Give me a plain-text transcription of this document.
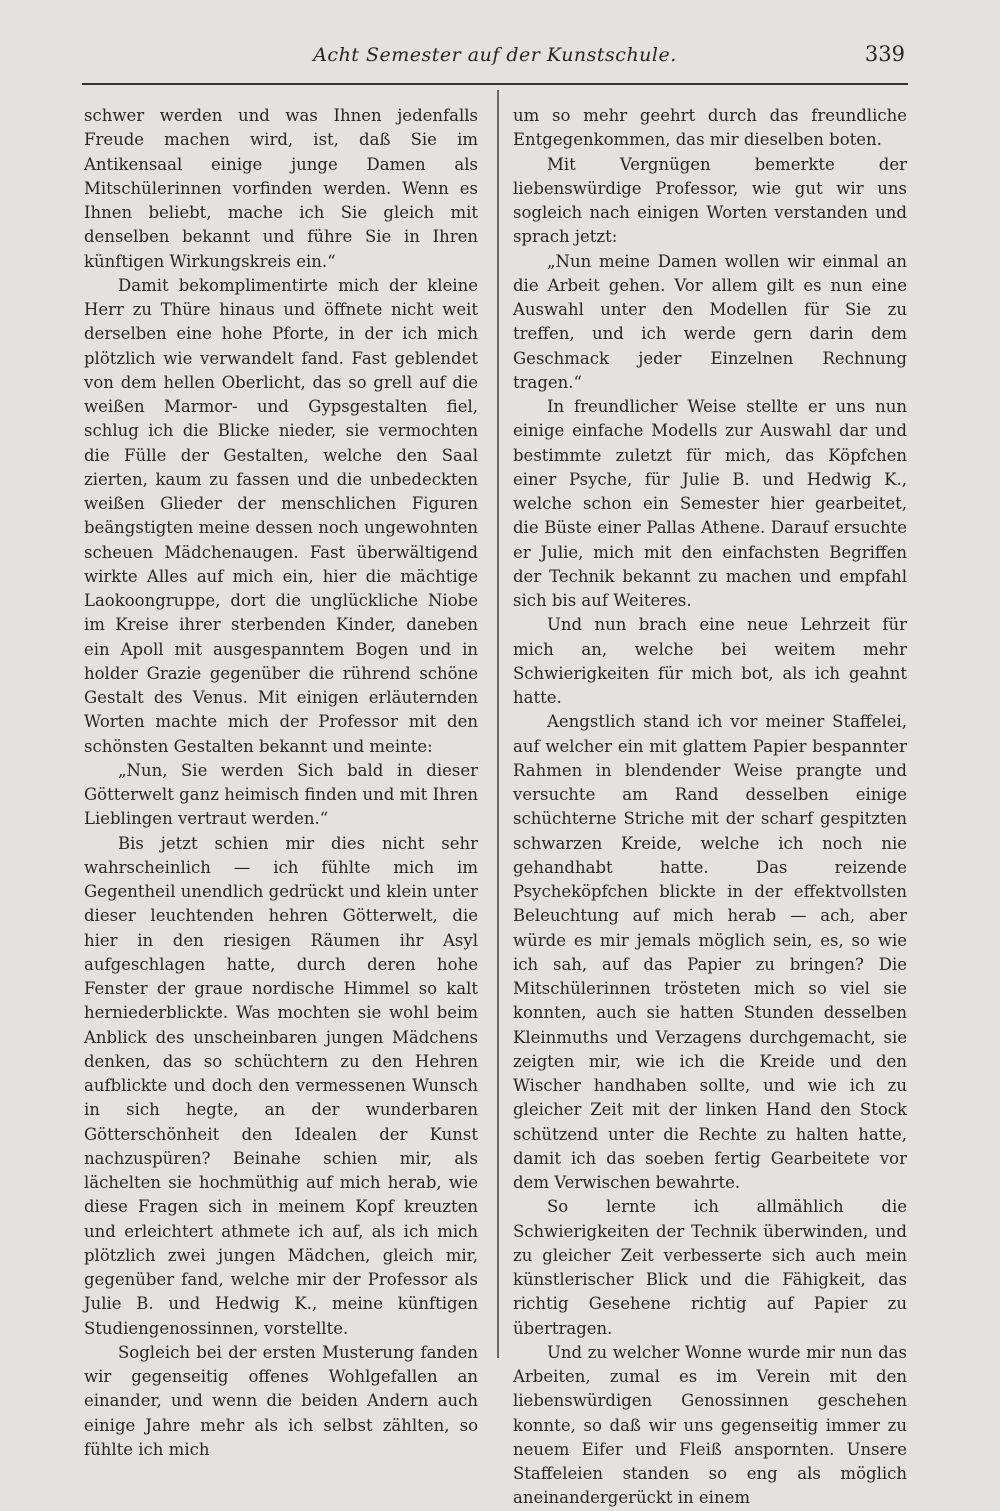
Acht Semester auf der Kunstschule.	339

schwer werden und was Ihnen jedenfalls Freude machen wird, ist, daß Sie im Antikensaal einige junge Damen als Mitschülerinnen vorfinden werden. Wenn es Ihnen beliebt, mache ich Sie gleich mit denselben bekannt und führe Sie in Ihren künftigen Wirkungskreis ein.“

Damit bekomplimentirte mich der kleine Herr zu Thüre hinaus und öffnete nicht weit derselben eine hohe Pforte, in der ich mich plötzlich wie verwandelt fand. Fast geblendet von dem hellen Oberlicht, das so grell auf die weißen Marmor- und Gypsgestalten fiel, schlug ich die Blicke nieder, sie vermochten die Fülle der Gestalten, welche den Saal zierten, kaum zu fassen und die unbedeckten weißen Glieder der menschlichen Figuren beängstigten meine dessen noch ungewohnten scheuen Mädchenaugen. Fast überwältigend wirkte Alles auf mich ein, hier die mächtige Laokoongruppe, dort die unglückliche Niobe im Kreise ihrer sterbenden Kinder, daneben ein Apoll mit ausgespanntem Bogen und in holder Grazie gegenüber die rührend schöne Gestalt des Venus. Mit einigen erläuternden Worten machte mich der Professor mit den schönsten Gestalten bekannt und meinte:

„Nun, Sie werden Sich bald in dieser Götterwelt ganz heimisch finden und mit Ihren Lieblingen vertraut werden.“

Bis jetzt schien mir dies nicht sehr wahrscheinlich — ich fühlte mich im Gegentheil unendlich gedrückt und klein unter dieser leuchtenden hehren Götterwelt, die hier in den riesigen Räumen ihr Asyl aufgeschlagen hatte, durch deren hohe Fenster der graue nordische Himmel so kalt herniederblickte. Was mochten sie wohl beim Anblick des unscheinbaren jungen Mädchens denken, das so schüchtern zu den Hehren aufblickte und doch den vermessenen Wunsch in sich hegte, an der wunderbaren Götterschönheit den Idealen der Kunst nachzuspüren? Beinahe schien mir, als lächelten sie hochmüthig auf mich herab, wie diese Fragen sich in meinem Kopf kreuzten und erleichtert athmete ich auf, als ich mich plötzlich zwei jungen Mädchen, gleich mir, gegenüber fand, welche mir der Professor als Julie B. und Hedwig K., meine künftigen Studiengenossinnen, vorstellte.

Sogleich bei der ersten Musterung fanden wir gegenseitig offenes Wohlgefallen an einander, und wenn die beiden Andern auch einige Jahre mehr als ich selbst zählten, so fühlte ich mich

um so mehr geehrt durch das freundliche Entgegenkommen, das mir dieselben boten.

Mit Vergnügen bemerkte der liebenswürdige Professor, wie gut wir uns sogleich nach einigen Worten verstanden und sprach jetzt:

„Nun meine Damen wollen wir einmal an die Arbeit gehen. Vor allem gilt es nun eine Auswahl unter den Modellen für Sie zu treffen, und ich werde gern darin dem Geschmack jeder Einzelnen Rechnung tragen.“

In freundlicher Weise stellte er uns nun einige einfache Modells zur Auswahl dar und bestimmte zuletzt für mich, das Köpfchen einer Psyche, für Julie B. und Hedwig K., welche schon ein Semester hier gearbeitet, die Büste einer Pallas Athene. Darauf ersuchte er Julie, mich mit den einfachsten Begriffen der Technik bekannt zu machen und empfahl sich bis auf Weiteres.

Und nun brach eine neue Lehrzeit für mich an, welche bei weitem mehr Schwierigkeiten für mich bot, als ich geahnt hatte.

Aengstlich stand ich vor meiner Staffelei, auf welcher ein mit glattem Papier bespannter Rahmen in blendender Weise prangte und versuchte am Rand desselben einige schüchterne Striche mit der scharf gespitzten schwarzen Kreide, welche ich noch nie gehandhabt hatte. Das reizende Psycheköpfchen blickte in der effektvollsten Beleuchtung auf mich herab — ach, aber würde es mir jemals möglich sein, es, so wie ich sah, auf das Papier zu bringen? Die Mitschülerinnen trösteten mich so viel sie konnten, auch sie hatten Stunden desselben Kleinmuths und Verzagens durchgemacht, sie zeigten mir, wie ich die Kreide und den Wischer handhaben sollte, und wie ich zu gleicher Zeit mit der linken Hand den Stock schützend unter die Rechte zu halten hatte, damit ich das soeben fertig Gearbeitete vor dem Verwischen bewahrte.

So lernte ich allmählich die Schwierigkeiten der Technik überwinden, und zu gleicher Zeit verbesserte sich auch mein künstlerischer Blick und die Fähigkeit, das richtig Gesehene richtig auf Papier zu übertragen.

Und zu welcher Wonne wurde mir nun das Arbeiten, zumal es im Verein mit den liebenswürdigen Genossinnen geschehen konnte, so daß wir uns gegenseitig immer zu neuem Eifer und Fleiß anspornten. Unsere Staffeleien standen so eng als möglich aneinandergerückt in einem
